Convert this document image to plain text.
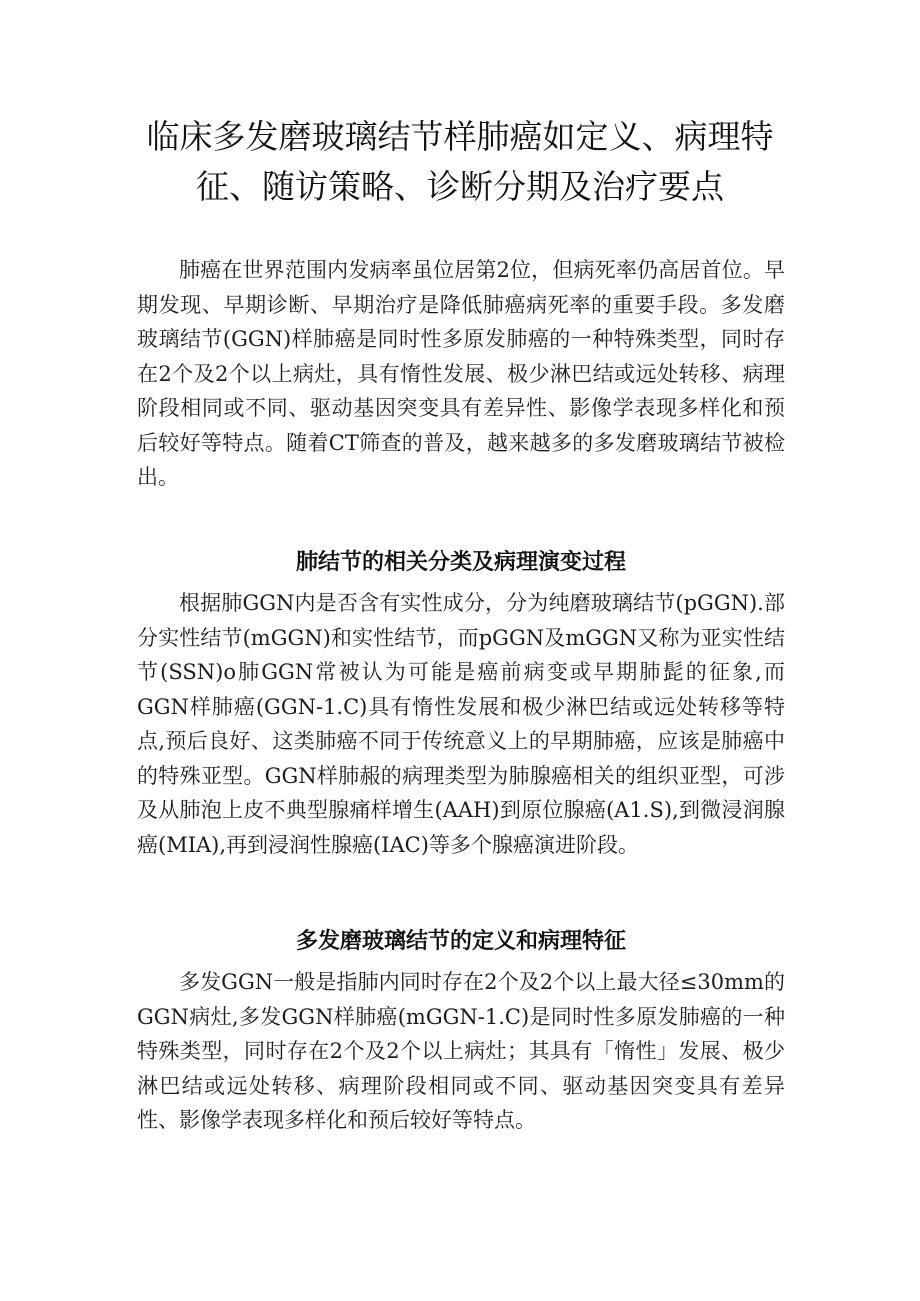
临床多发磨玻璃结节样肺癌如定义、病理特征、随访策略、诊断分期及治疗要点

肺癌在世界范围内发病率虽位居第2位，但病死率仍高居首位。早期发现、早期诊断、早期治疗是降低肺癌病死率的重要手段。多发磨玻璃结节(GGN)样肺癌是同时性多原发肺癌的一种特殊类型，同时存在2个及2个以上病灶，具有惰性发展、极少淋巴结或远处转移、病理阶段相同或不同、驱动基因突变具有差异性、影像学表现多样化和预后较好等特点。随着CT筛查的普及，越来越多的多发磨玻璃结节被检出。

肺结节的相关分类及病理演变过程

根据肺GGN内是否含有实性成分，分为纯磨玻璃结节(pGGN).部分实性结节(mGGN)和实性结节，而pGGN及mGGN又称为亚实性结节(SSN)o肺GGN常被认为可能是癌前病变或早期肺髭的征象,而GGN样肺癌(GGN-1.C)具有惰性发展和极少淋巴结或远处转移等特点,预后良好、这类肺癌不同于传统意义上的早期肺癌，应该是肺癌中的特殊亚型。GGN样肺赧的病理类型为肺腺癌相关的组织亚型，可涉及从肺泡上皮不典型腺痛样增生(AAH)到原位腺癌(A1.S),到微浸润腺癌(MIA),再到浸润性腺癌(IAC)等多个腺癌演进阶段。

多发磨玻璃结节的定义和病理特征

多发GGN一般是指肺内同时存在2个及2个以上最大径≤30mm的GGN病灶,多发GGN样肺癌(mGGN-1.C)是同时性多原发肺癌的一种特殊类型，同时存在2个及2个以上病灶；其具有「惰性」发展、极少淋巴结或远处转移、病理阶段相同或不同、驱动基因突变具有差异性、影像学表现多样化和预后较好等特点。
